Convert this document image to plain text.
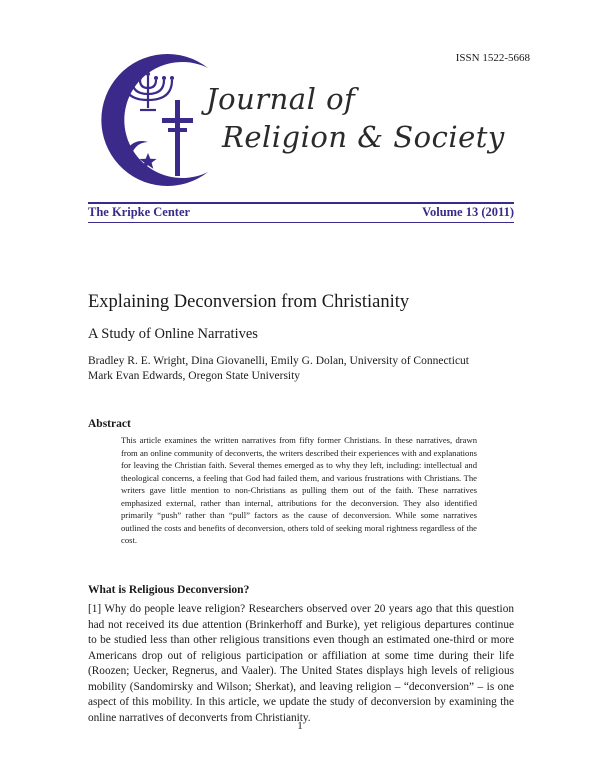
ISSN 1522-5668
Journal of
Religion & Society
The Kripke Center	Volume 13 (2011)
Explaining Deconversion from Christianity
A Study of Online Narratives
Bradley R. E. Wright, Dina Giovanelli, Emily G. Dolan, University of Connecticut
Mark Evan Edwards, Oregon State University
Abstract
This article examines the written narratives from fifty former Christians. In these narratives, drawn from an online community of deconverts, the writers described their experiences with and explanations for leaving the Christian faith. Several themes emerged as to why they left, including: intellectual and theological concerns, a feeling that God had failed them, and various frustrations with Christians. The writers gave little mention to non-Christians as pulling them out of the faith. These narratives emphasized external, rather than internal, attributions for the deconversion. They also identified primarily “push” rather than “pull” factors as the cause of deconversion. While some narratives outlined the costs and benefits of deconversion, others told of seeking moral rightness regardless of the cost.
What is Religious Deconversion?
[1] Why do people leave religion? Researchers observed over 20 years ago that this question had not received its due attention (Brinkerhoff and Burke), yet religious departures continue to be studied less than other religious transitions even though an estimated one-third or more Americans drop out of religious participation or affiliation at some time during their life (Roozen; Uecker, Regnerus, and Vaaler). The United States displays high levels of religious mobility (Sandomirsky and Wilson; Sherkat), and leaving religion – “deconversion” – is one aspect of this mobility. In this article, we update the study of deconversion by examining the online narratives of deconverts from Christianity.
1
